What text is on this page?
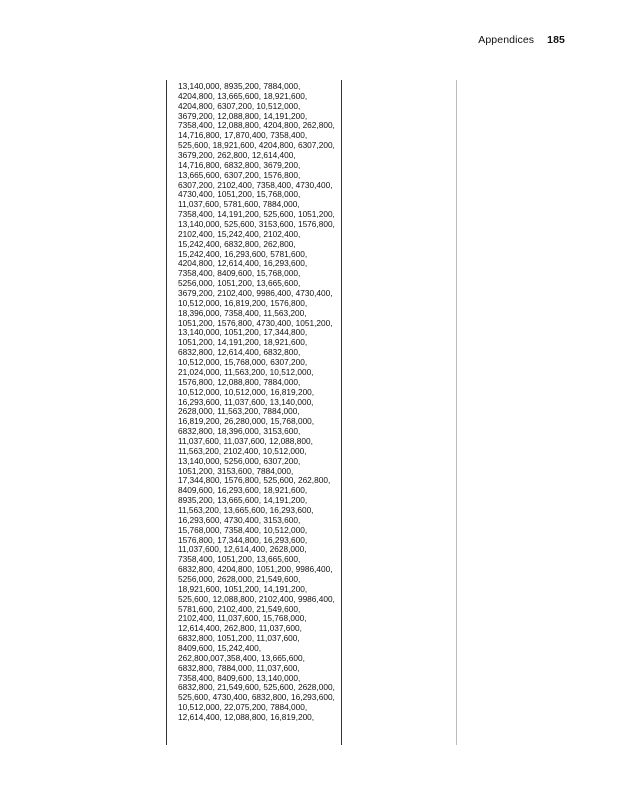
Appendices 185
13,140,000, 8935,200, 7884,000,
4204,800, 13,665,600, 18,921,600,
4204,800, 6307,200, 10,512,000,
3679,200, 12,088,800, 14,191,200,
7358,400, 12,088,800, 4204,800, 262,800,
14,716,800, 17,870,400, 7358,400,
525,600, 18,921,600, 4204,800, 6307,200,
3679,200, 262,800, 12,614,400,
14,716,800, 6832,800, 3679,200,
13,665,600, 6307,200, 1576,800,
6307,200, 2102,400, 7358,400, 4730,400,
4730,400, 1051,200, 15,768,000,
11,037,600, 5781,600, 7884,000,
7358,400, 14,191,200, 525,600, 1051,200,
13,140,000, 525,600, 3153,600, 1576,800,
2102,400, 15,242,400, 2102,400,
15,242,400, 6832,800, 262,800,
15,242,400, 16,293,600, 5781,600,
4204,800, 12,614,400, 16,293,600,
7358,400, 8409,600, 15,768,000,
5256,000, 1051,200, 13,665,600,
3679,200, 2102,400, 9986,400, 4730,400,
10,512,000, 16,819,200, 1576,800,
18,396,000, 7358,400, 11,563,200,
1051,200, 1576,800, 4730,400, 1051,200,
13,140,000, 1051,200, 17,344,800,
1051,200, 14,191,200, 18,921,600,
6832,800, 12,614,400, 6832,800,
10,512,000, 15,768,000, 6307,200,
21,024,000, 11,563,200, 10,512,000,
1576,800, 12,088,800, 7884,000,
10,512,000, 10,512,000, 16,819,200,
16,293,600, 11,037,600, 13,140,000,
2628,000, 11,563,200, 7884,000,
16,819,200, 26,280,000, 15,768,000,
6832,800, 18,396,000, 3153,600,
11,037,600, 11,037,600, 12,088,800,
11,563,200, 2102,400, 10,512,000,
13,140,000, 5256,000, 6307,200,
1051,200, 3153,600, 7884,000,
17,344,800, 1576,800, 525,600, 262,800,
8409,600, 16,293,600, 18,921,600,
8935,200, 13,665,600, 14,191,200,
11,563,200, 13,665,600, 16,293,600,
16,293,600, 4730,400, 3153,600,
15,768,000, 7358,400, 10,512,000,
1576,800, 17,344,800, 16,293,600,
11,037,600, 12,614,400, 2628,000,
7358,400, 1051,200, 13,665,600,
6832,800, 4204,800, 1051,200, 9986,400,
5256,000, 2628,000, 21,549,600,
18,921,600, 1051,200, 14,191,200,
525,600, 12,088,800, 2102,400, 9986,400,
5781,600, 2102,400, 21,549,600,
2102,400, 11,037,600, 15,768,000,
12,614,400, 262,800, 11,037,600,
6832,800, 1051,200, 11,037,600,
8409,600, 15,242,400,
262,800,007,358,400, 13,665,600,
6832,800, 7884,000, 11,037,600,
7358,400, 8409,600, 13,140,000,
6832,800, 21,549,600, 525,600, 2628,000,
525,600, 4730,400, 6832,800, 16,293,600,
10,512,000, 22,075,200, 7884,000,
12,614,400, 12,088,800, 16,819,200,
